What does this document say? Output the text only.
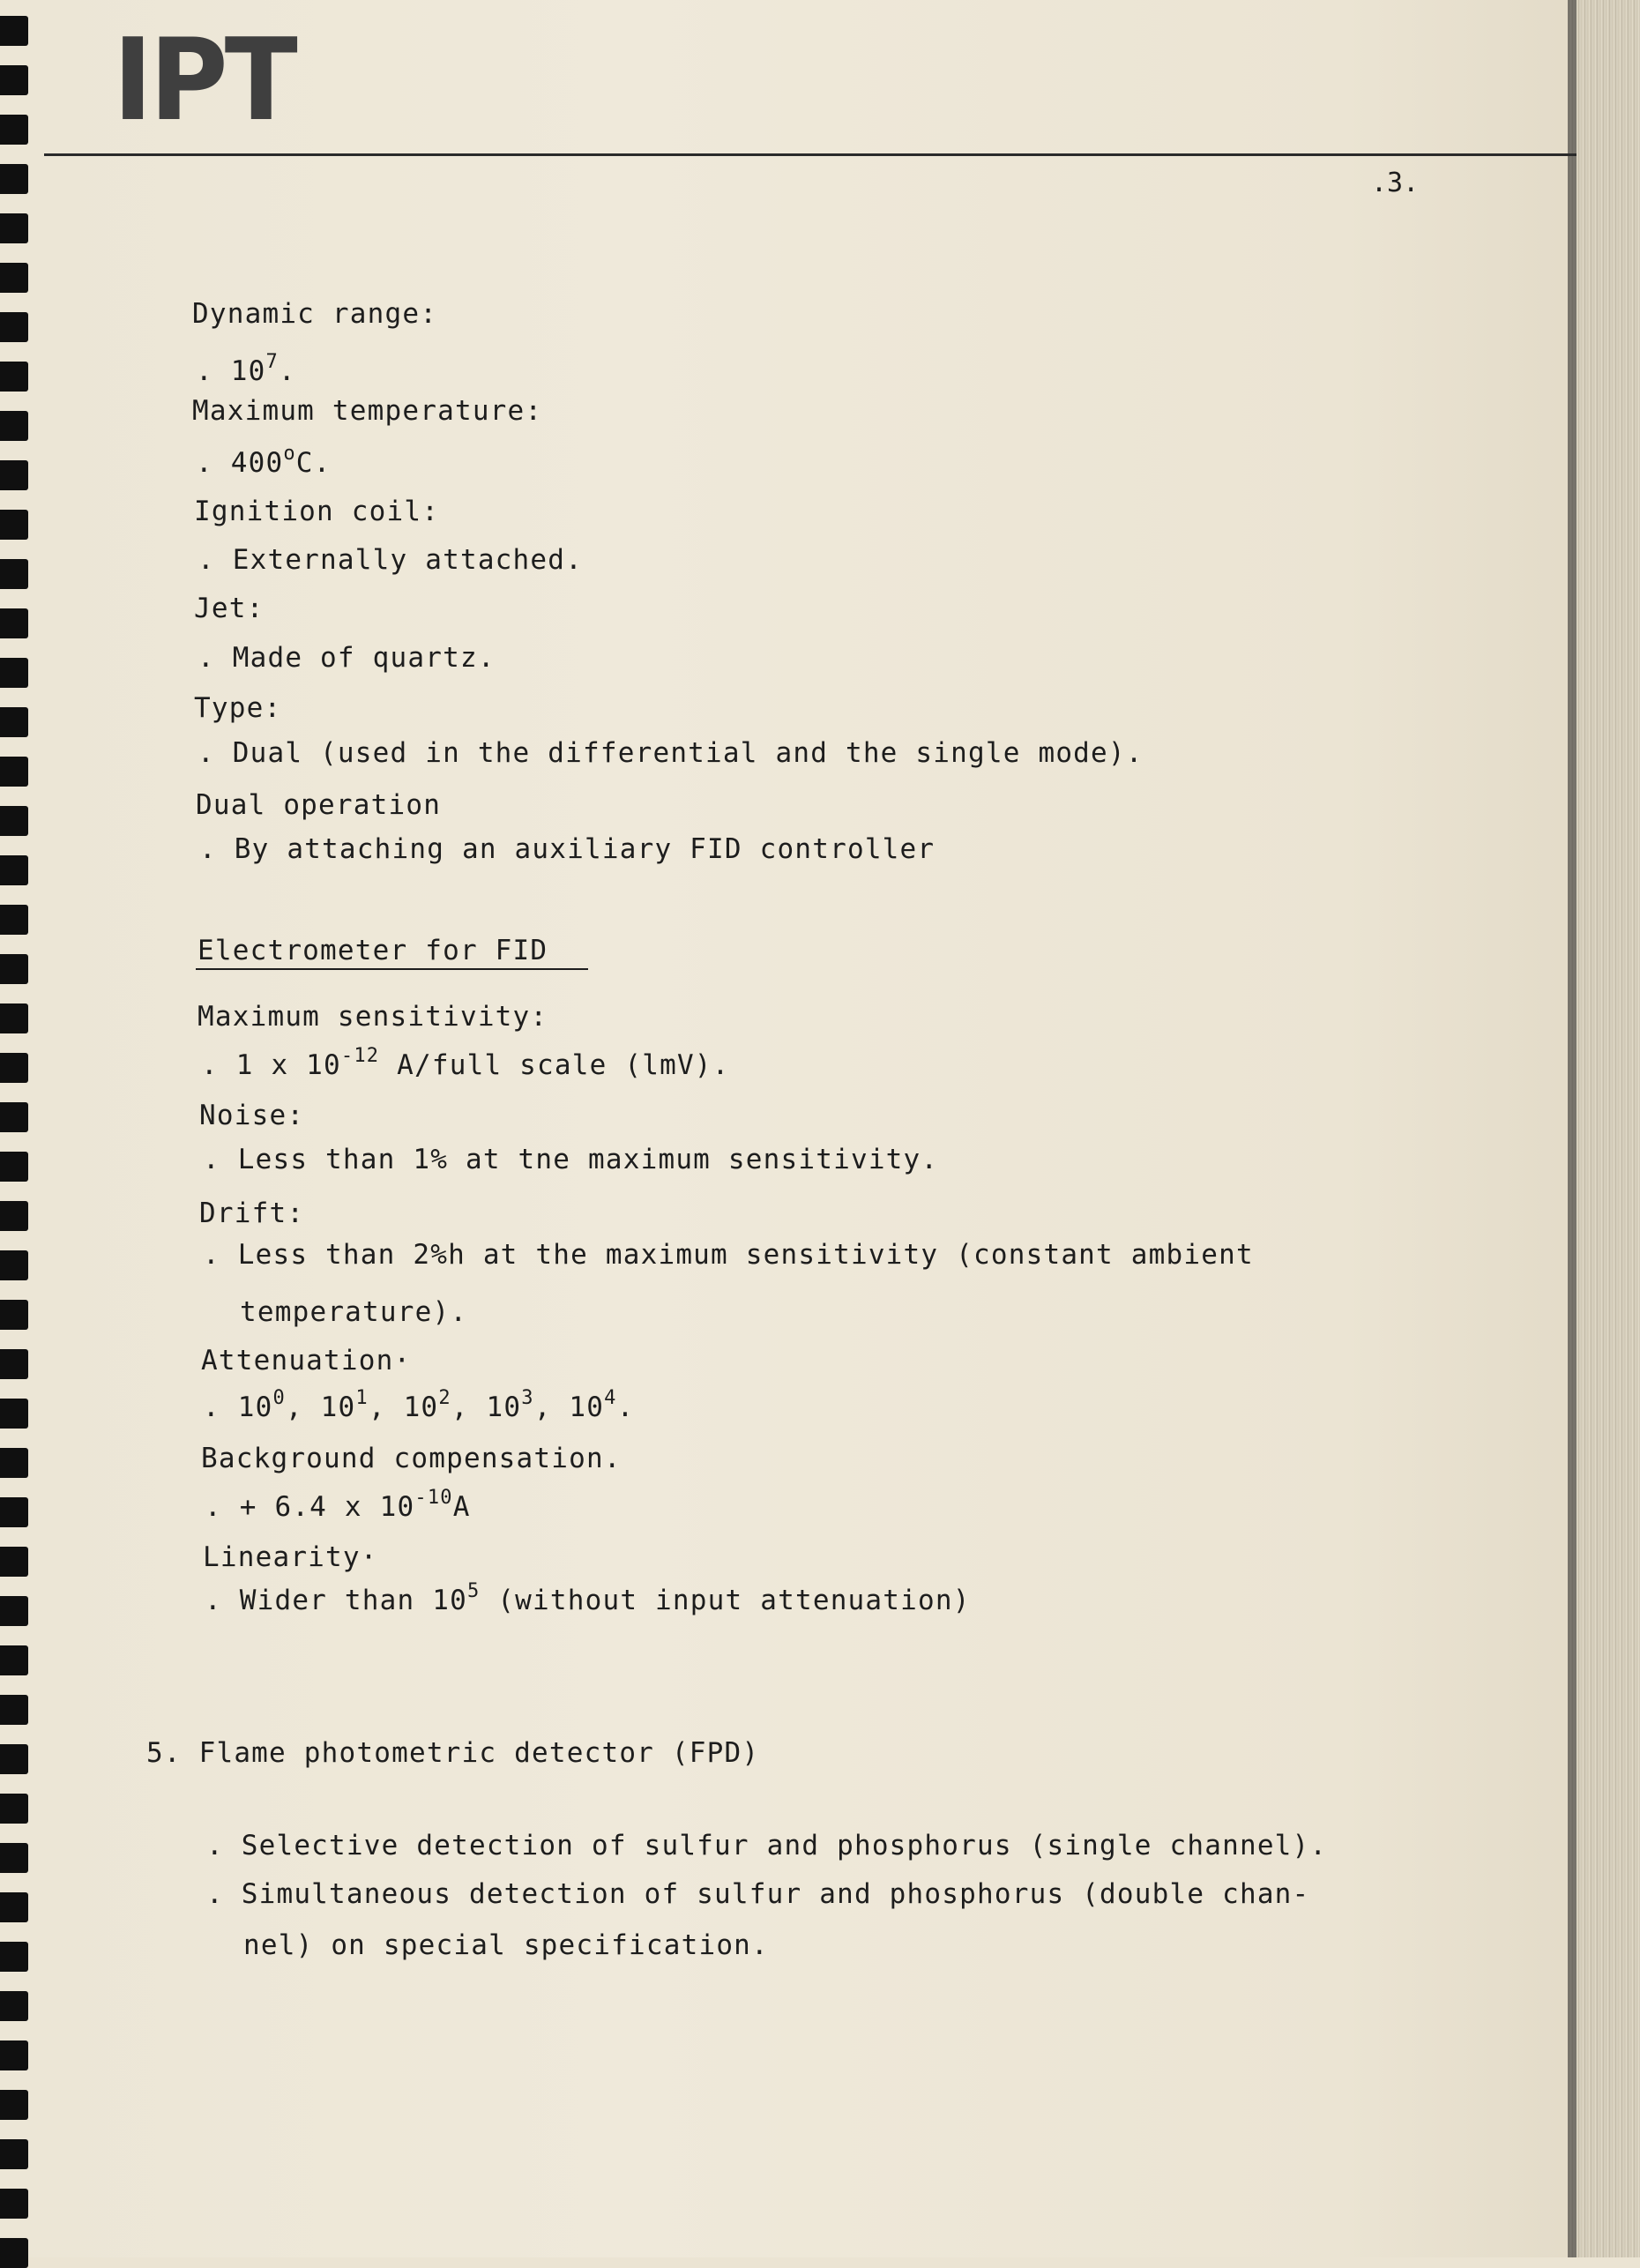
IPT
.3.
Dynamic range:
. $10^7$.
Maximum temperature:
. 400$^o$C.
Ignition coil:
. Externally attached.
Jet:
. Made of quartz.
Type:
. Dual (used in the differential and the single mode).
Dual operation
. By attaching an auxiliary FID controller
Electrometer for FID
Maximum sensitivity:
. 1 x $10^{-12}$ A/full scale (lmV).
Noise:
. Less than 1% at tne maximum sensitivity.
Drift:
. Less than 2%h at the maximum sensitivity (constant ambient
temperature).
Attenuation·
. $10^0$, $10^1$, $10^2$, $10^3$, $10^4$.
Background compensation.
. + 6.4 x $10^{-10}A$
Linearity·
. Wider than $10^5$ (without input attenuation)
5. Flame photometric detector (FPD)
. Selective detection of sulfur and phosphorus (single channel).
. Simultaneous detection of sulfur and phosphorus (double chan-
nel) on special specification.
